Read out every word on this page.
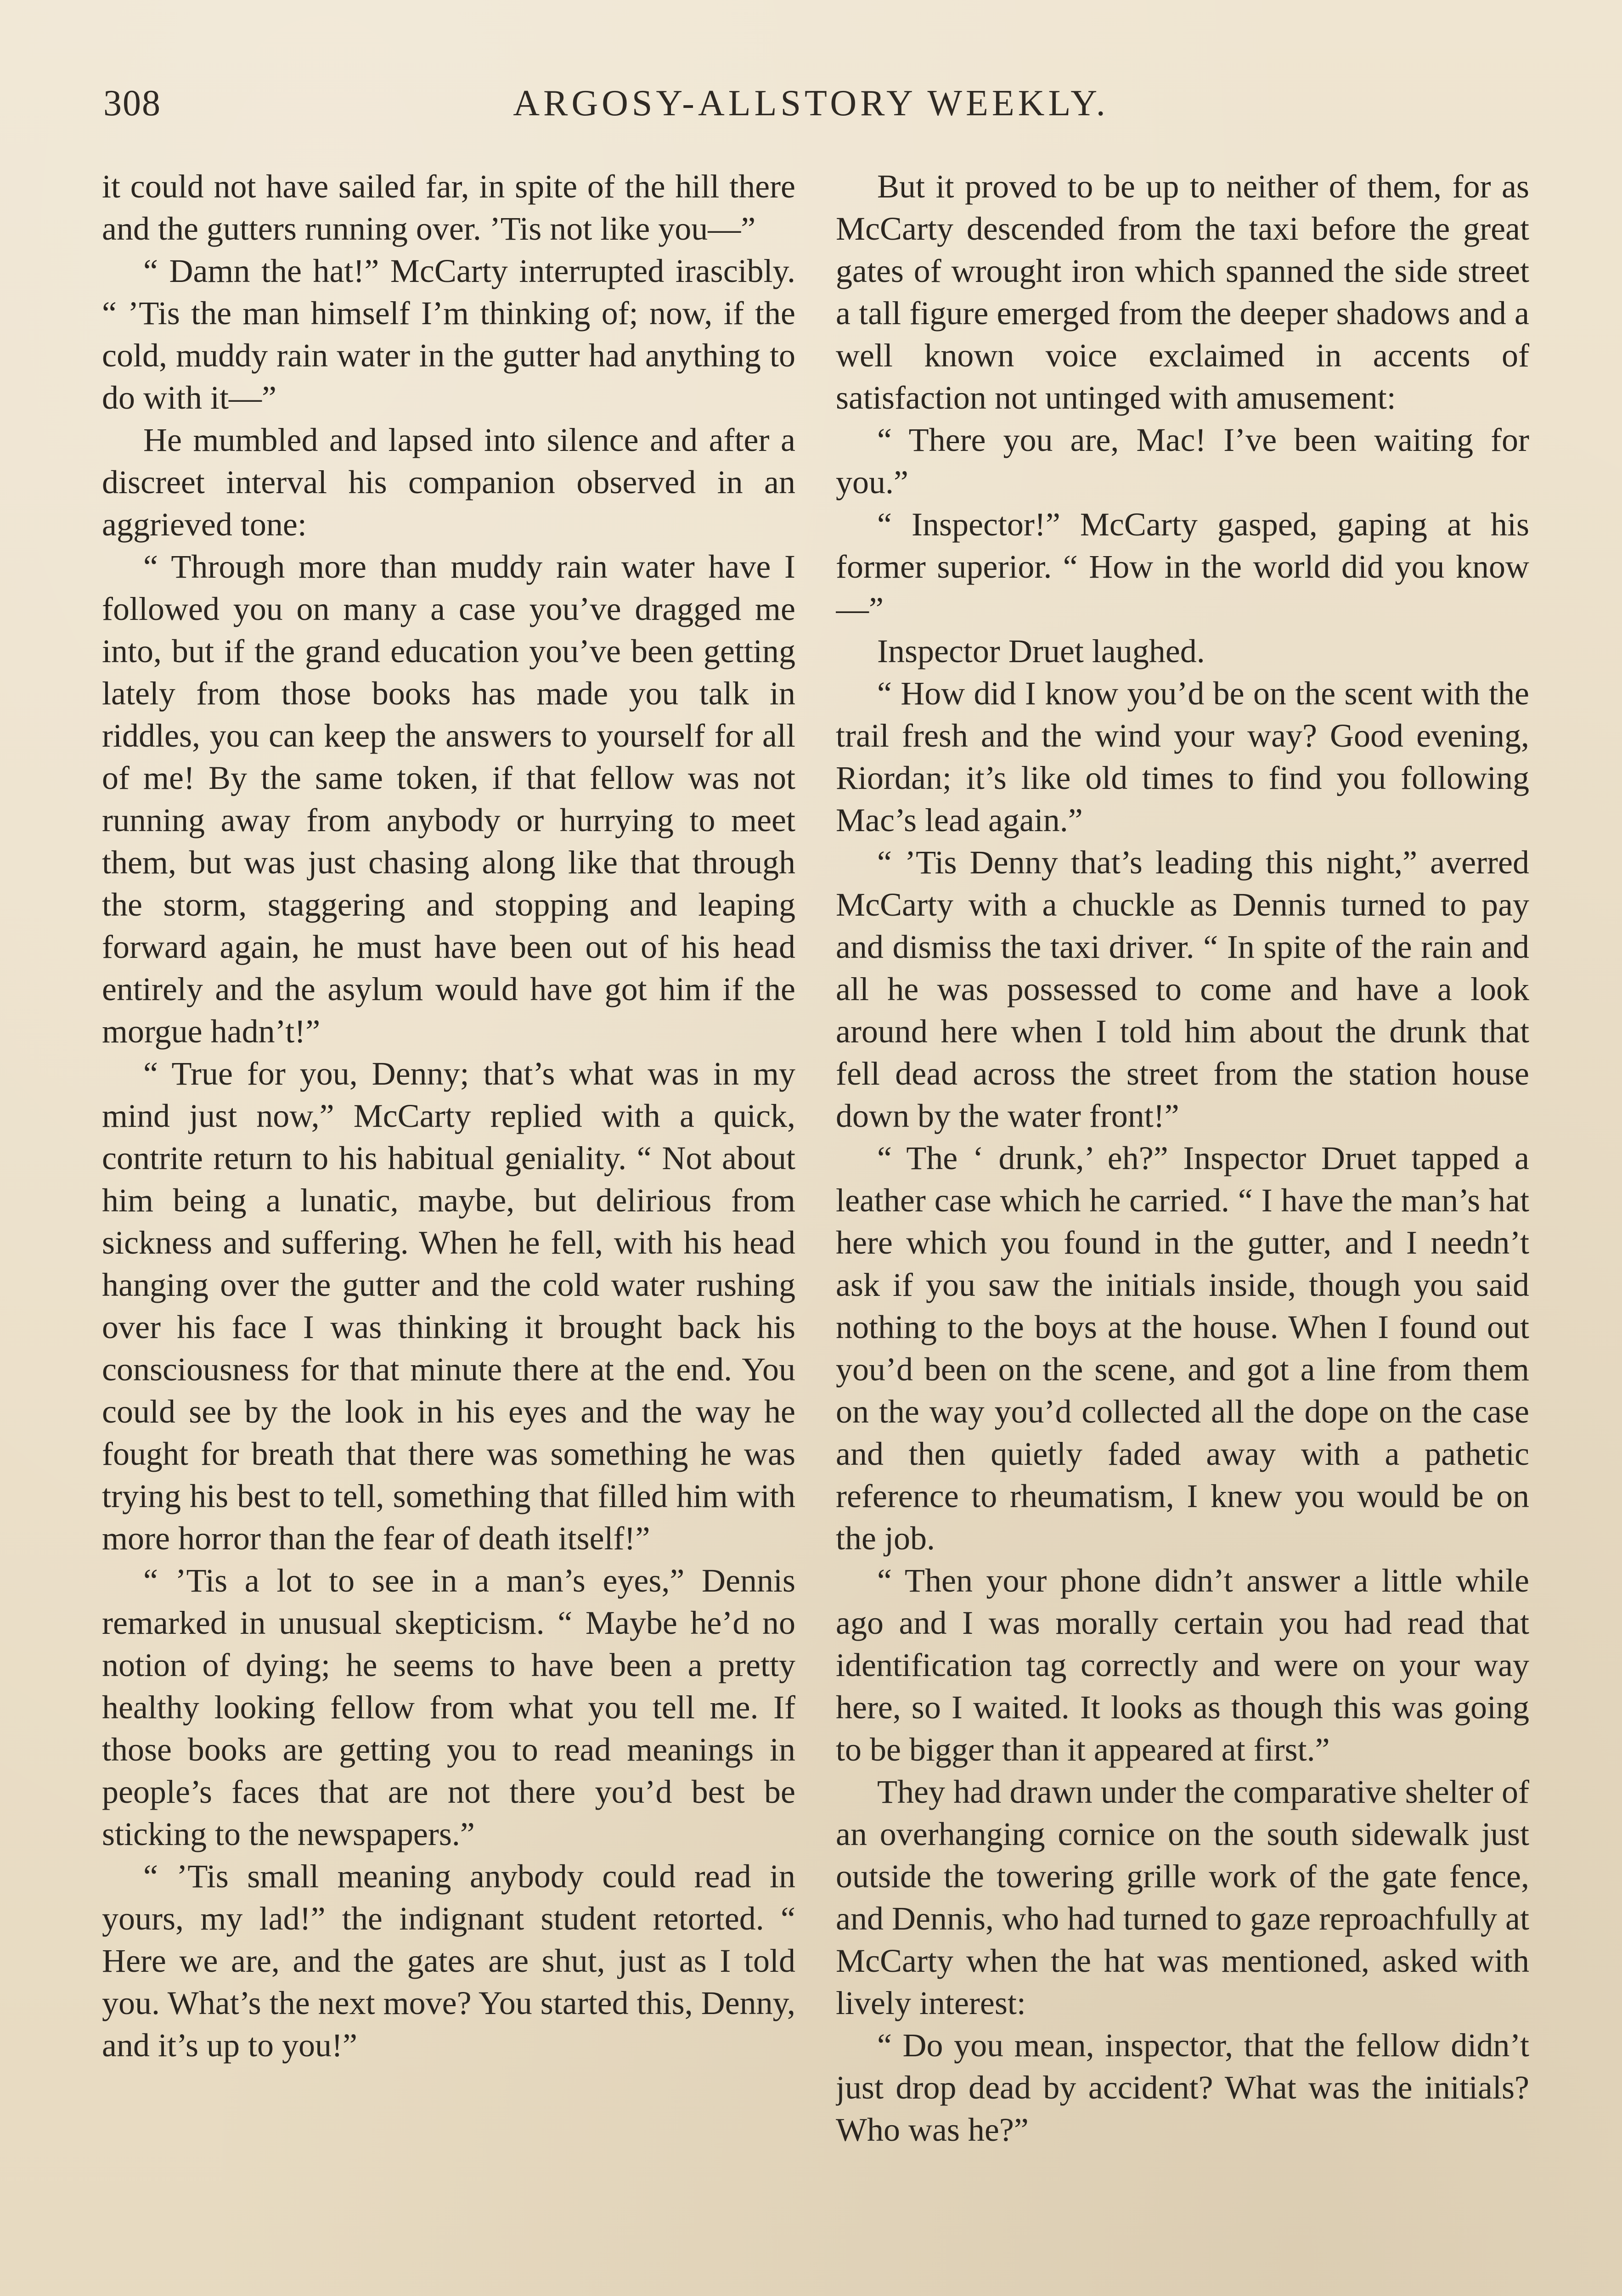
308	ARGOSY-ALLSTORY WEEKLY.

it could not have sailed far, in spite of the hill there and the gutters running over. ’Tis not like you—”

“ Damn the hat!” McCarty interrupted irascibly. “ ’Tis the man himself I’m thinking of; now, if the cold, muddy rain water in the gutter had anything to do with it—”

He mumbled and lapsed into silence and after a discreet interval his companion observed in an aggrieved tone:

“ Through more than muddy rain water have I followed you on many a case you’ve dragged me into, but if the grand education you’ve been getting lately from those books has made you talk in riddles, you can keep the answers to yourself for all of me! By the same token, if that fellow was not running away from anybody or hurrying to meet them, but was just chasing along like that through the storm, staggering and stopping and leaping forward again, he must have been out of his head entirely and the asylum would have got him if the morgue hadn’t!”

“ True for you, Denny; that’s what was in my mind just now,” McCarty replied with a quick, contrite return to his habitual geniality. “ Not about him being a lunatic, maybe, but delirious from sickness and suffering. When he fell, with his head hanging over the gutter and the cold water rushing over his face I was thinking it brought back his consciousness for that minute there at the end. You could see by the look in his eyes and the way he fought for breath that there was something he was trying his best to tell, something that filled him with more horror than the fear of death itself!”

“ ’Tis a lot to see in a man’s eyes,” Dennis remarked in unusual skepticism. “ Maybe he’d no notion of dying; he seems to have been a pretty healthy looking fellow from what you tell me. If those books are getting you to read meanings in people’s faces that are not there you’d best be sticking to the newspapers.”

“ ’Tis small meaning anybody could read in yours, my lad!” the indignant student retorted. “ Here we are, and the gates are shut, just as I told you. What’s the next move? You started this, Denny, and it’s up to you!”

But it proved to be up to neither of them, for as McCarty descended from the taxi before the great gates of wrought iron which spanned the side street a tall figure emerged from the deeper shadows and a well known voice exclaimed in accents of satisfaction not untinged with amusement:

“ There you are, Mac! I’ve been waiting for you.”

“ Inspector!” McCarty gasped, gaping at his former superior. “ How in the world did you know—”

Inspector Druet laughed.

“ How did I know you’d be on the scent with the trail fresh and the wind your way? Good evening, Riordan; it’s like old times to find you following Mac’s lead again.”

“ ’Tis Denny that’s leading this night,” averred McCarty with a chuckle as Dennis turned to pay and dismiss the taxi driver. “ In spite of the rain and all he was possessed to come and have a look around here when I told him about the drunk that fell dead across the street from the station house down by the water front!”

“ The ‘ drunk,’ eh?” Inspector Druet tapped a leather case which he carried. “ I have the man’s hat here which you found in the gutter, and I needn’t ask if you saw the initials inside, though you said nothing to the boys at the house. When I found out you’d been on the scene, and got a line from them on the way you’d collected all the dope on the case and then quietly faded away with a pathetic reference to rheumatism, I knew you would be on the job.

“ Then your phone didn’t answer a little while ago and I was morally certain you had read that identification tag correctly and were on your way here, so I waited. It looks as though this was going to be bigger than it appeared at first.”

They had drawn under the comparative shelter of an overhanging cornice on the south sidewalk just outside the towering grille work of the gate fence, and Dennis, who had turned to gaze reproachfully at McCarty when the hat was mentioned, asked with lively interest:

“ Do you mean, inspector, that the fellow didn’t just drop dead by accident? What was the initials? Who was he?”
